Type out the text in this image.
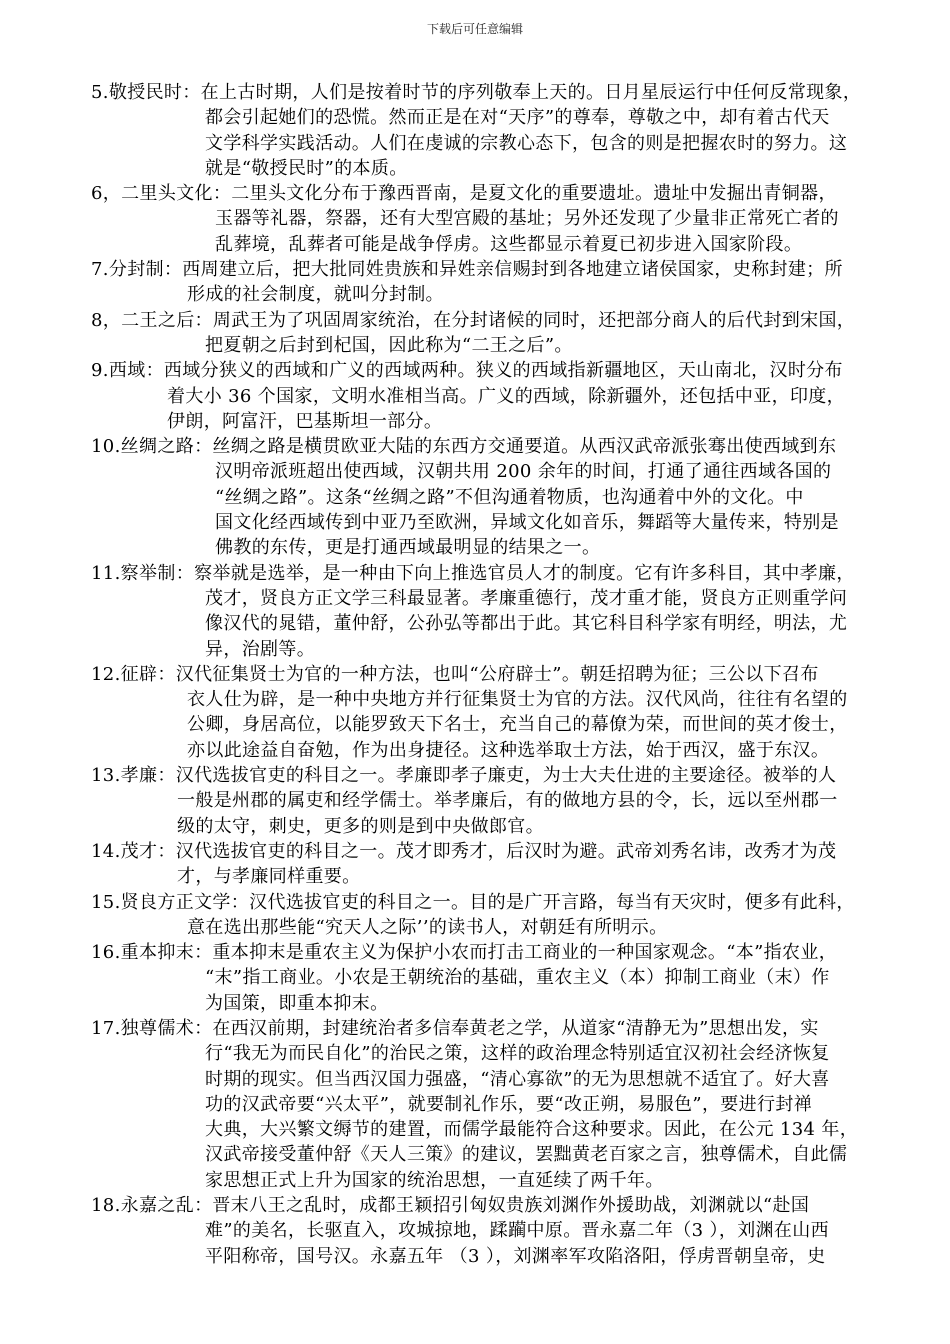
下载后可任意编辑
5.敬授民时：在上古时期，人们是按着时节的序列敬奉上天的。日月星辰运行中任何反常现象，
都会引起她们的恐慌。然而正是在对“天序”的尊奉，尊敬之中，却有着古代天
文学科学实践活动。人们在虔诚的宗教心态下，包含的则是把握农时的努力。这
就是“敬授民时”的本质。
6，二里头文化：二里头文化分布于豫西晋南，是夏文化的重要遗址。遗址中发掘出青铜器，
玉器等礼器，祭器，还有大型宫殿的基址；另外还发现了少量非正常死亡者的
乱葬境，乱葬者可能是战争俘虏。这些都显示着夏已初步进入国家阶段。
7.分封制：西周建立后，把大批同姓贵族和异姓亲信赐封到各地建立诸侯国家，史称封建；所
形成的社会制度，就叫分封制。
8，二王之后：周武王为了巩固周家统治，在分封诸候的同时，还把部分商人的后代封到宋国，
把夏朝之后封到杞国，因此称为“二王之后”。
9.西域：西域分狭义的西域和广义的西域两种。狭义的西域指新疆地区，天山南北，汉时分布
着大小 36 个国家，文明水准相当高。广义的西域，除新疆外，还包括中亚，印度，
伊朗，阿富汗，巴基斯坦一部分。
10.丝绸之路：丝绸之路是横贯欧亚大陆的东西方交通要道。从西汉武帝派张骞出使西域到东
汉明帝派班超出使西域，汉朝共用 200 余年的时间，打通了通往西域各国的
“丝绸之路”。这条“丝绸之路”不但沟通着物质，也沟通着中外的文化。中
国文化经西域传到中亚乃至欧洲，异域文化如音乐，舞蹈等大量传来，特别是
佛教的东传，更是打通西域最明显的结果之一。
11.察举制：察举就是选举，是一种由下向上推选官员人才的制度。它有许多科目，其中孝廉，
茂才，贤良方正文学三科最显著。孝廉重德行，茂才重才能，贤良方正则重学问
像汉代的晁错，董仲舒，公孙弘等都出于此。其它科目科学家有明经，明法，尤
异，治剧等。
12.征辟：汉代征集贤士为官的一种方法，也叫“公府辟士”。朝廷招聘为征；三公以下召布
衣人仕为辟，是一种中央地方并行征集贤士为官的方法。汉代风尚，往往有名望的
公卿，身居高位，以能罗致天下名士，充当自己的幕僚为荣，而世间的英才俊士，
亦以此途益自奋勉，作为出身捷径。这种选举取士方法，始于西汉，盛于东汉。
13.孝廉：汉代选拔官吏的科目之一。孝廉即孝子廉吏，为士大夫仕进的主要途径。被举的人
一般是州郡的属吏和经学儒士。举孝廉后，有的做地方县的令，长，远以至州郡一
级的太守，刺史，更多的则是到中央做郎官。
14.茂才：汉代选拔官吏的科目之一。茂才即秀才，后汉时为避。武帝刘秀名讳，改秀才为茂
才，与孝廉同样重要。
15.贤良方正文学：汉代选拔官吏的科目之一。目的是广开言路，每当有天灾时，便多有此科，
意在选出那些能“究天人之际’’的读书人，对朝廷有所明示。
16.重本抑末：重本抑末是重农主义为保护小农而打击工商业的一种国家观念。“本”指农业，
“末”指工商业。小农是王朝统治的基础，重农主义（本）抑制工商业（末）作
为国策，即重本抑末。
17.独尊儒术：在西汉前期，封建统治者多信奉黄老之学，从道家“清静无为”思想出发，实
行“我无为而民自化”的治民之策，这样的政治理念特别适宜汉初社会经济恢复
时期的现实。但当西汉国力强盛，“清心寡欲”的无为思想就不适宜了。好大喜
功的汉武帝要“兴太平”，就要制礼作乐，要“改正朔，易服色”，要进行封禅
大典，大兴繁文缛节的建置，而儒学最能符合这种要求。因此，在公元 134 年，
汉武帝接受董仲舒《天人三策》的建议，罢黜黄老百家之言，独尊儒术，自此儒
家思想正式上升为国家的统治思想，一直延续了两千年。
18.永嘉之乱：晋末八王之乱时，成都王颖招引匈奴贵族刘渊作外援助战，刘渊就以“赴国
难”的美名，长驱直入，攻城掠地，蹂躏中原。晋永嘉二年（3 ），刘渊在山西
平阳称帝，国号汉。永嘉五年 （3 ），刘渊率军攻陷洛阳，俘虏晋朝皇帝，史
